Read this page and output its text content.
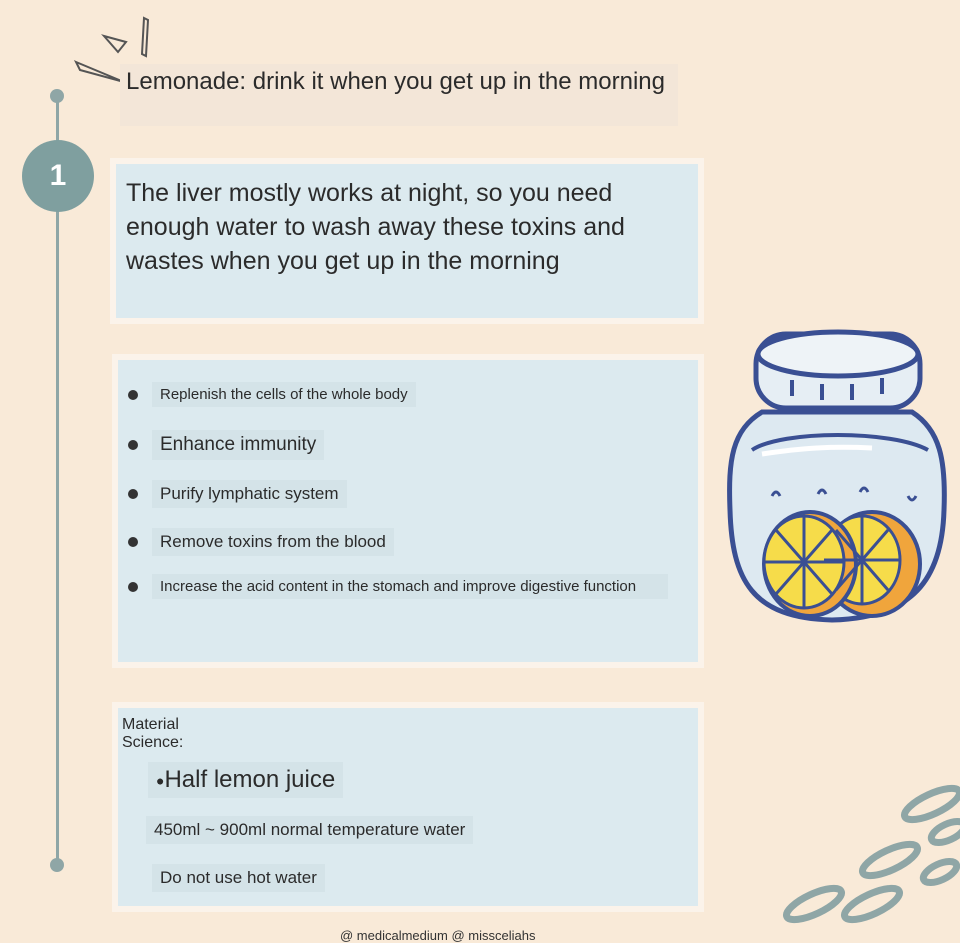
1
Lemonade: drink it when you get up in the morning
The liver mostly works at night, so you need enough water to wash away these toxins and wastes when you get up in the morning
Replenish the cells of the whole body
Enhance immunity
Purify lymphatic system
Remove toxins from the blood
Increase the acid content in the stomach and improve digestive function
Material Science:
●Half lemon juice
450ml ~ 900ml normal temperature water
Do not use hot water
@ medicalmedium @ missceliahs
